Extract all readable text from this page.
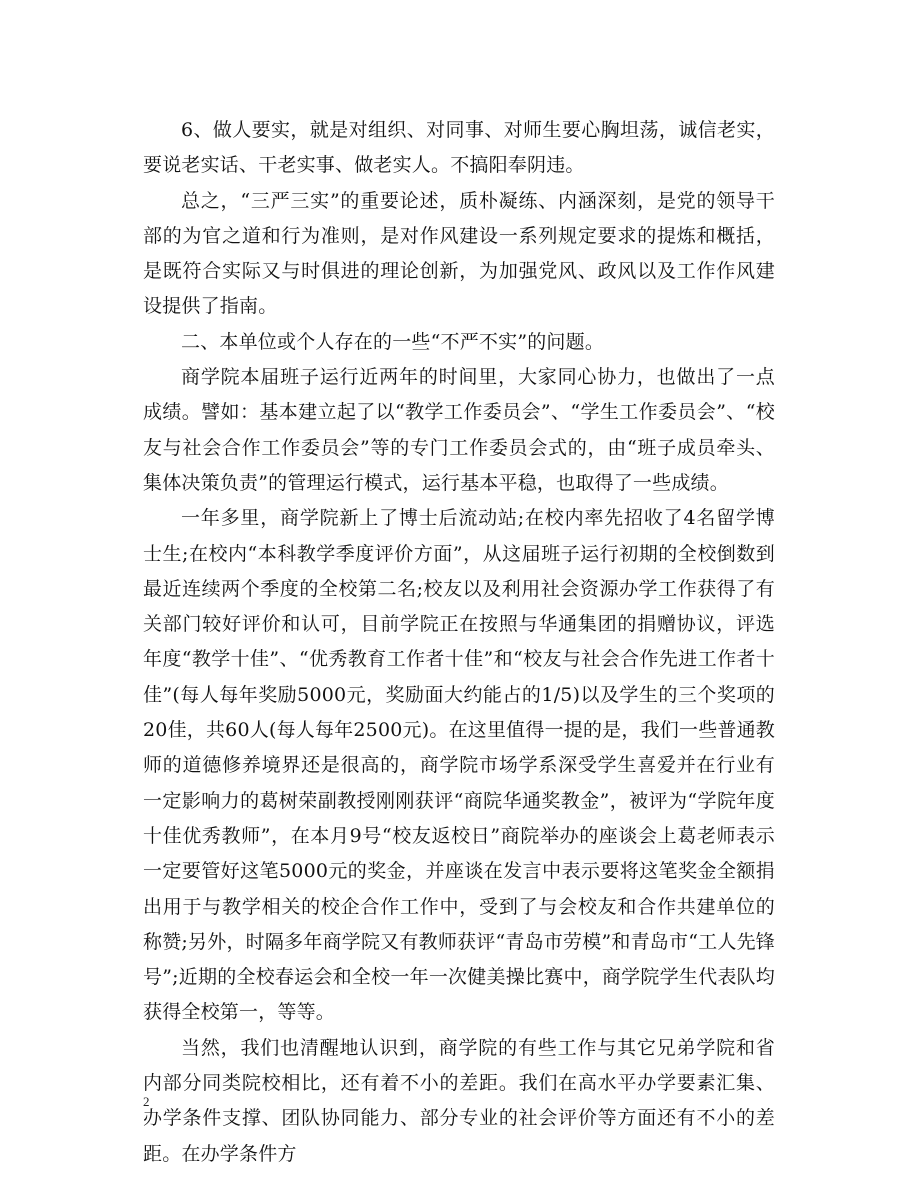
6、做人要实，就是对组织、对同事、对师生要心胸坦荡，诚信老实，要说老实话、干老实事、做老实人。不搞阳奉阴违。

总之，“三严三实”的重要论述，质朴凝练、内涵深刻，是党的领导干部的为官之道和行为准则，是对作风建设一系列规定要求的提炼和概括，是既符合实际又与时俱进的理论创新，为加强党风、政风以及工作作风建设提供了指南。

二、本单位或个人存在的一些“不严不实”的问题。

商学院本届班子运行近两年的时间里，大家同心协力，也做出了一点成绩。譬如：基本建立起了以“教学工作委员会”、“学生工作委员会”、“校友与社会合作工作委员会”等的专门工作委员会式的，由“班子成员牵头、集体决策负责”的管理运行模式，运行基本平稳，也取得了一些成绩。

一年多里，商学院新上了博士后流动站;在校内率先招收了4名留学博士生;在校内“本科教学季度评价方面”，从这届班子运行初期的全校倒数到最近连续两个季度的全校第二名;校友以及利用社会资源办学工作获得了有关部门较好评价和认可，目前学院正在按照与华通集团的捐赠协议，评选年度“教学十佳”、“优秀教育工作者十佳”和“校友与社会合作先进工作者十佳”(每人每年奖励5000元，奖励面大约能占的1/5)以及学生的三个奖项的20佳，共60人(每人每年2500元)。在这里值得一提的是，我们一些普通教师的道德修养境界还是很高的，商学院市场学系深受学生喜爱并在行业有一定影响力的葛树荣副教授刚刚获评“商院华通奖教金”，被评为“学院年度十佳优秀教师”，在本月9号“校友返校日”商院举办的座谈会上葛老师表示一定要管好这笔5000元的奖金，并座谈在发言中表示要将这笔奖金全额捐出用于与教学相关的校企合作工作中，受到了与会校友和合作共建单位的称赞;另外，时隔多年商学院又有教师获评“青岛市劳模”和青岛市“工人先锋号”;近期的全校春运会和全校一年一次健美操比赛中，商学院学生代表队均获得全校第一，等等。

当然，我们也清醒地认识到，商学院的有些工作与其它兄弟学院和省内部分同类院校相比，还有着不小的差距。我们在高水平办学要素汇集、办学条件支撑、团队协同能力、部分专业的社会评价等方面还有不小的差距。在办学条件方

2
